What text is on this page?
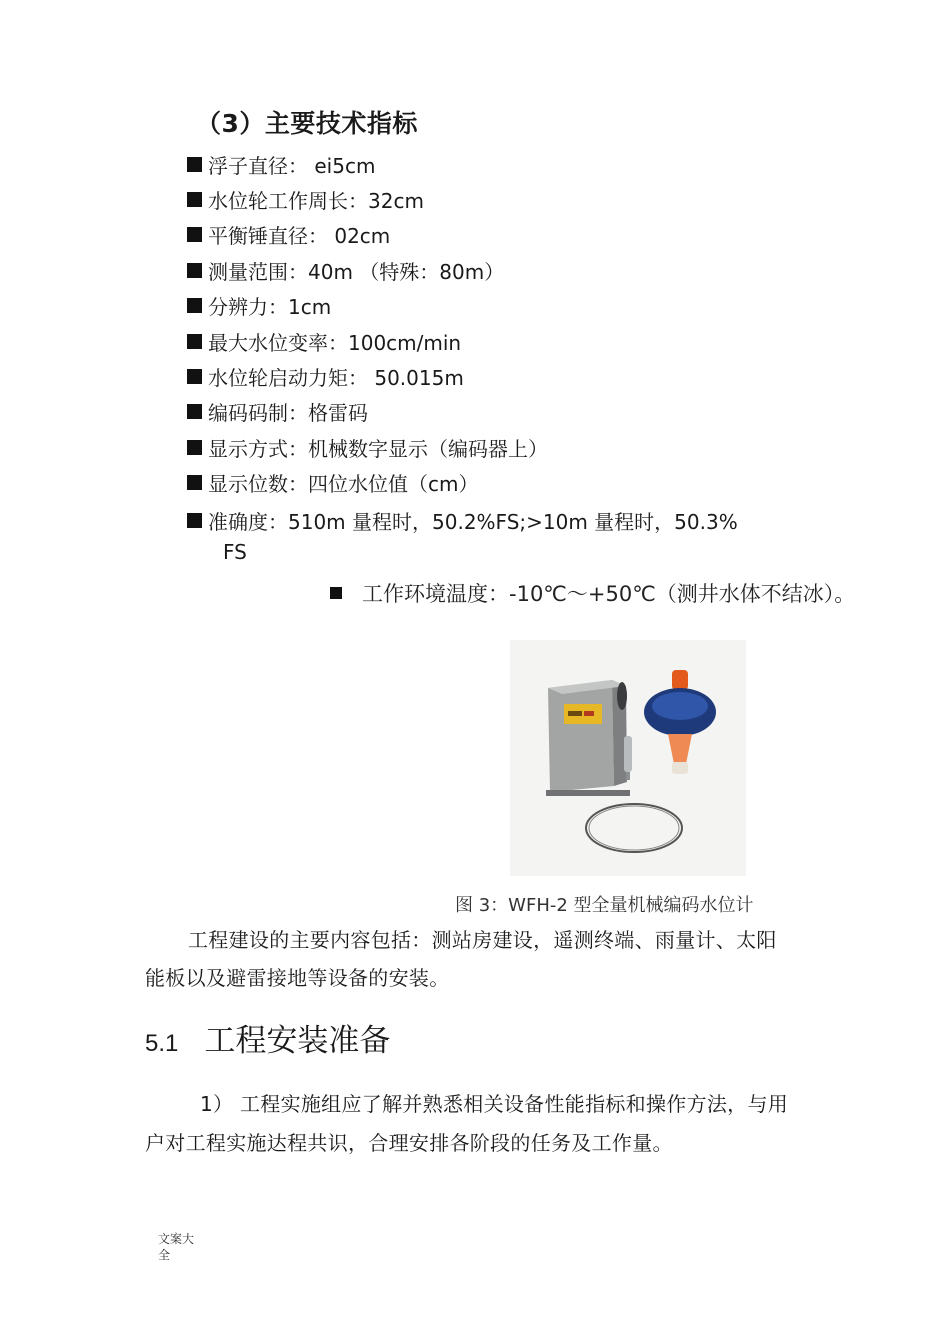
（3）主要技术指标
浮子直径： ei5cm
水位轮工作周长：32cm
平衡锤直径： 02cm
测量范围：40m （特殊：80m）
分辨力：1cm
最大水位变率：100cm/min
水位轮启动力矩： 50.015m
编码码制：格雷码
显示方式：机械数字显示（编码器上）
显示位数：四位水位值（cm）
准确度：510m 量程时，50.2%FS;>10m 量程时，50.3%
FS
工作环境温度：-10℃～+50℃（测井水体不结冰）。
图 3：WFH-2 型全量机械编码水位计
工程建设的主要内容包括：测站房建设，遥测终端、雨量计、太阳
能板以及避雷接地等设备的安装。
5.1 工程安装准备
1） 工程实施组应了解并熟悉相关设备性能指标和操作方法，与用
户对工程实施达程共识，合理安排各阶段的任务及工作量。
文案大全
